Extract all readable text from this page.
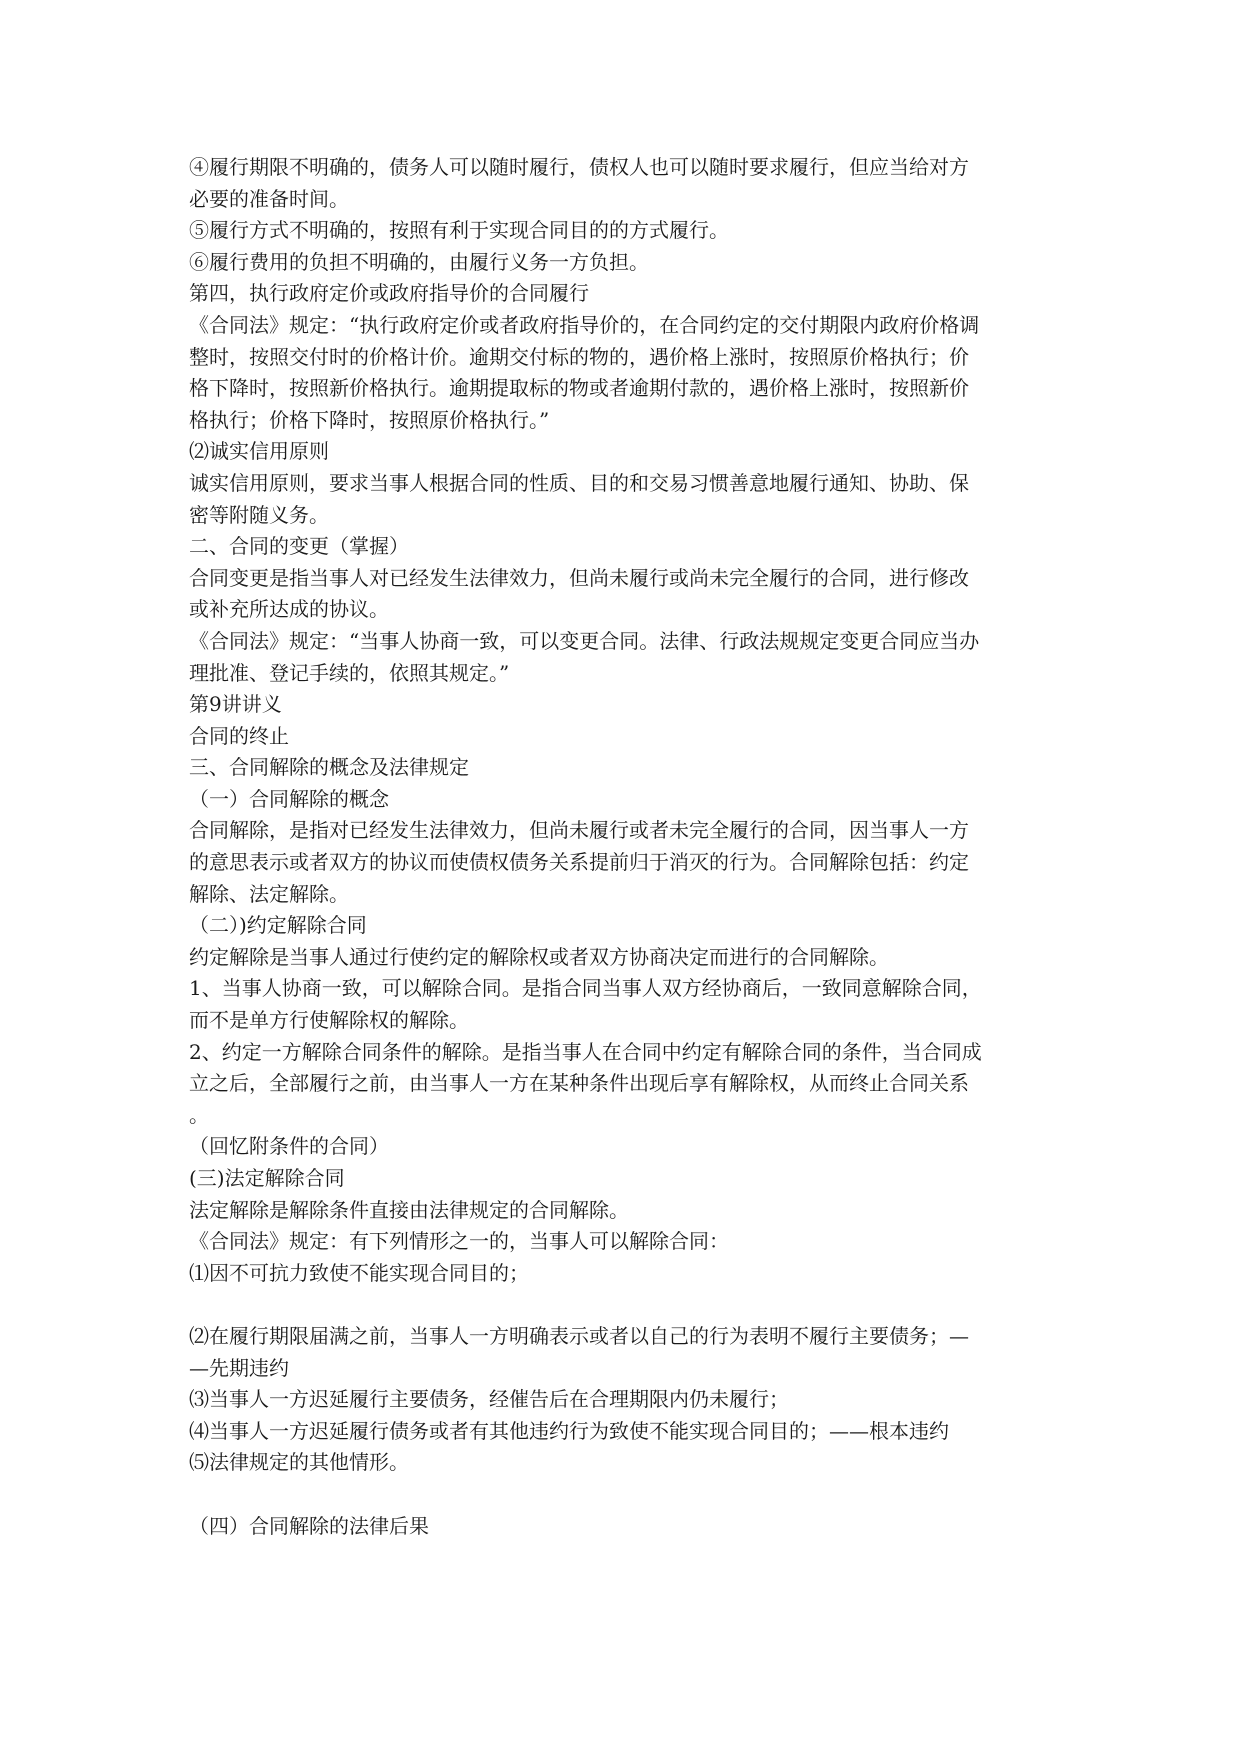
④履行期限不明确的，债务人可以随时履行，债权人也可以随时要求履行，但应当给对方

必要的准备时间。

⑤履行方式不明确的，按照有利于实现合同目的的方式履行。

⑥履行费用的负担不明确的，由履行义务一方负担。

第四，执行政府定价或政府指导价的合同履行

《合同法》规定：“执行政府定价或者政府指导价的，在合同约定的交付期限内政府价格调

整时，按照交付时的价格计价。逾期交付标的物的，遇价格上涨时，按照原价格执行；价

格下降时，按照新价格执行。逾期提取标的物或者逾期付款的，遇价格上涨时，按照新价

格执行；价格下降时，按照原价格执行。”

⑵诚实信用原则

诚实信用原则，要求当事人根据合同的性质、目的和交易习惯善意地履行通知、协助、保

密等附随义务。

二、合同的变更（掌握）

合同变更是指当事人对已经发生法律效力，但尚未履行或尚未完全履行的合同，进行修改

或补充所达成的协议。

《合同法》规定：“当事人协商一致，可以变更合同。法律、行政法规规定变更合同应当办

理批准、登记手续的，依照其规定。”

第9讲讲义

合同的终止

三、合同解除的概念及法律规定

（一）合同解除的概念

合同解除，是指对已经发生法律效力，但尚未履行或者未完全履行的合同，因当事人一方

的意思表示或者双方的协议而使债权债务关系提前归于消灭的行为。合同解除包括：约定

解除、法定解除。

（二）)约定解除合同

约定解除是当事人通过行使约定的解除权或者双方协商决定而进行的合同解除。

1、当事人协商一致，可以解除合同。是指合同当事人双方经协商后，一致同意解除合同，

而不是单方行使解除权的解除。

2、约定一方解除合同条件的解除。是指当事人在合同中约定有解除合同的条件，当合同成

立之后，全部履行之前，由当事人一方在某种条件出现后享有解除权，从而终止合同关系

。

（回忆附条件的合同）

(三)法定解除合同

法定解除是解除条件直接由法律规定的合同解除。

《合同法》规定：有下列情形之一的，当事人可以解除合同：

⑴因不可抗力致使不能实现合同目的；

⑵在履行期限届满之前，当事人一方明确表示或者以自己的行为表明不履行主要债务；—

—先期违约

⑶当事人一方迟延履行主要债务，经催告后在合理期限内仍未履行；

⑷当事人一方迟延履行债务或者有其他违约行为致使不能实现合同目的；——根本违约

⑸法律规定的其他情形。

（四）合同解除的法律后果
